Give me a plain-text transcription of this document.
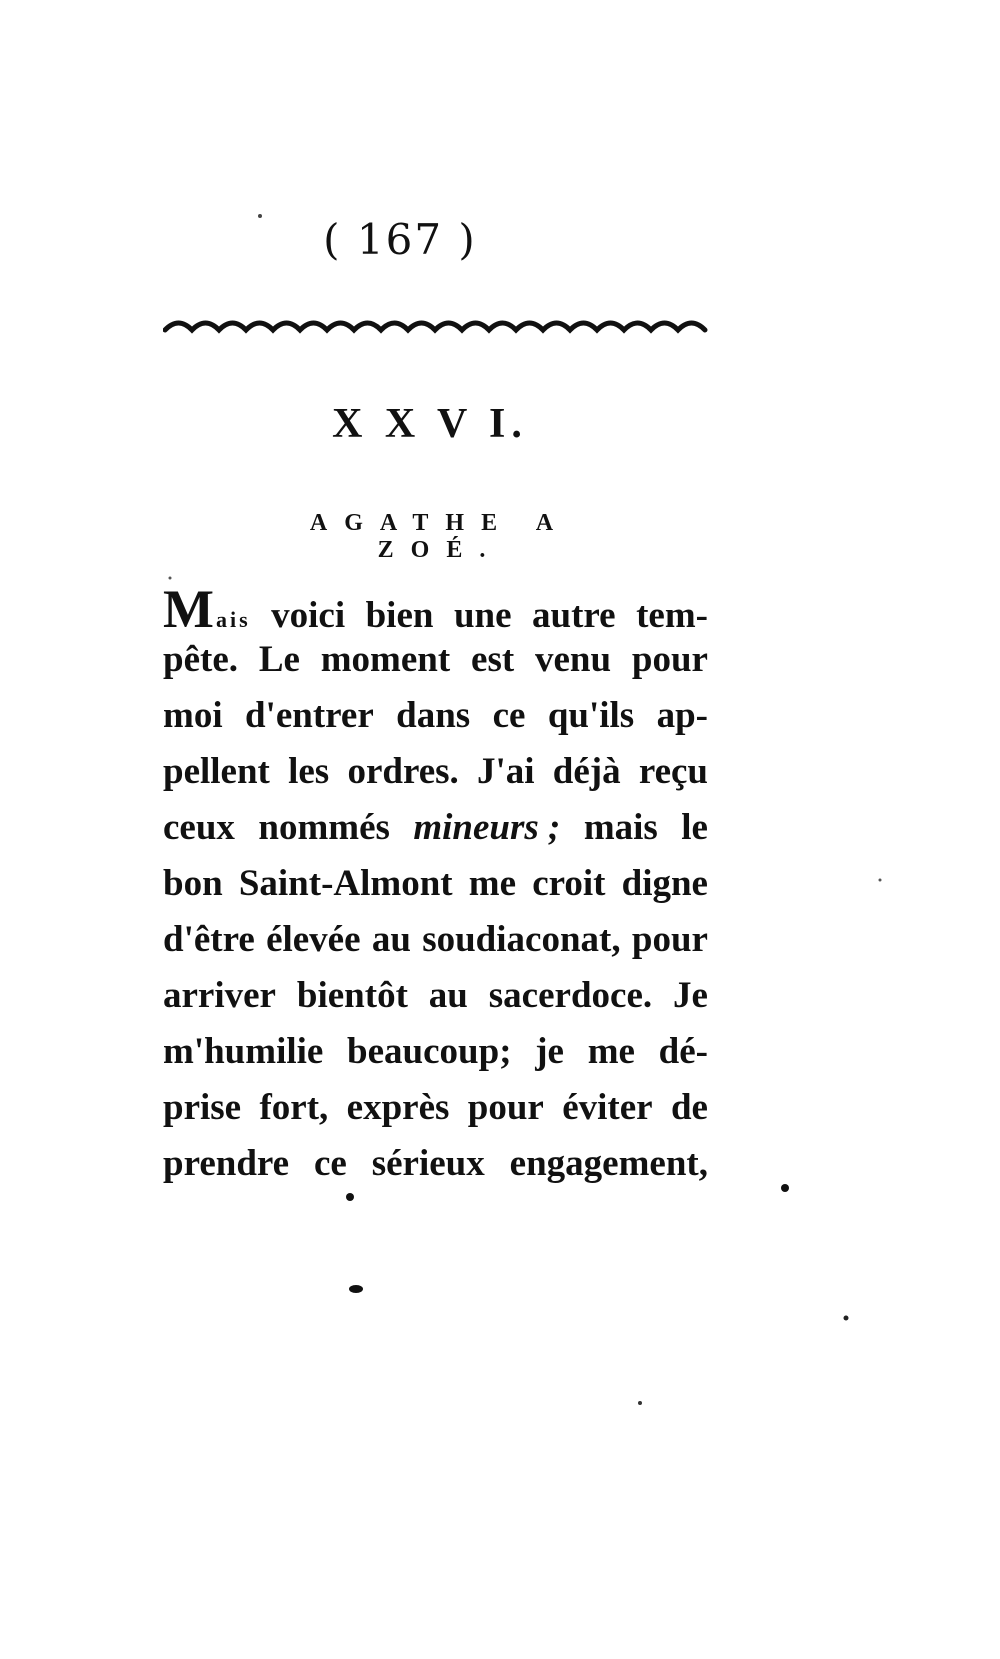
( 167 )
X X V I.
AGATHE A ZOÉ.
Mais voici bien une autre tem-
pête. Le moment est venu pour
moi d'entrer dans ce qu'ils ap-
pellent les ordres. J'ai déjà reçu
ceux nommés mineurs ; mais le
bon Saint-Almont me croit digne
d'être élevée au soudiaconat, pour
arriver bientôt au sacerdoce. Je
m'humilie beaucoup; je me dé-
prise fort, exprès pour éviter de
prendre ce sérieux engagement,
